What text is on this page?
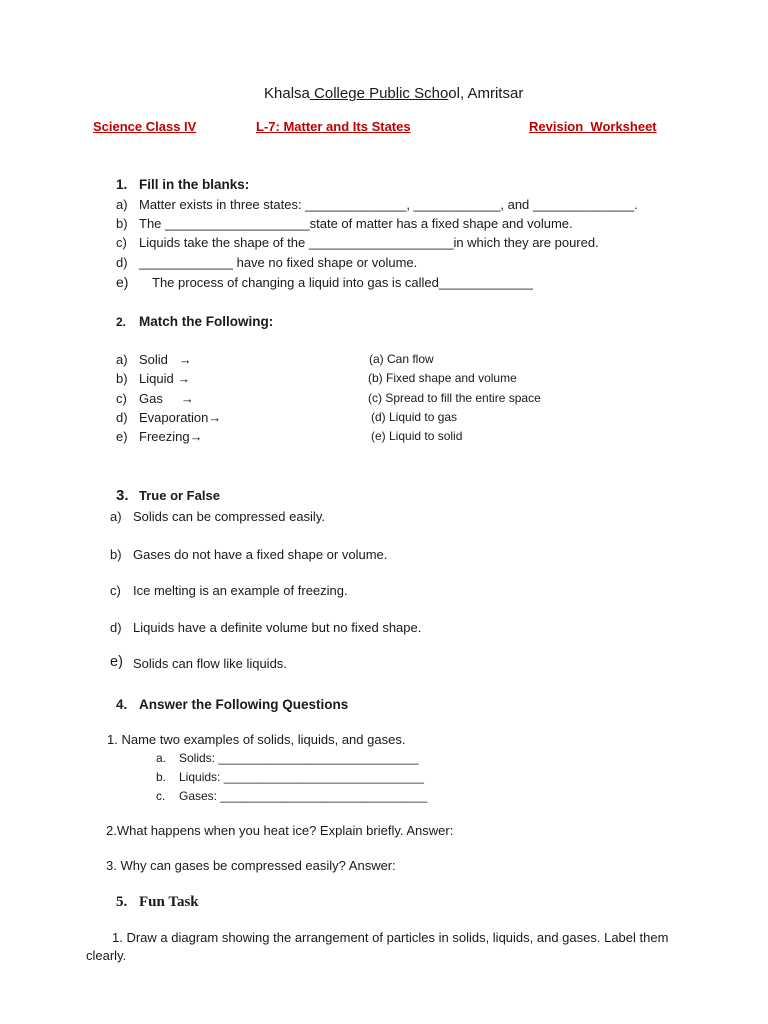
Khalsa College Public School, Amritsar
Science Class IV	L-7: Matter and Its States	Revision  Worksheet
1. Fill in the blanks:
a) Matter exists in three states: ______________, ____________, and ______________.
b) The ____________________state of matter has a fixed shape and volume.
c) Liquids take the shape of the ____________________in which they are poured.
d) _____________ have no fixed shape or volume.
e) The process of changing a liquid into gas is called_____________
2. Match the Following:
a) Solid   →	(a) Can flow
b) Liquid →	(b) Fixed shape and volume
c) Gas     →	(c) Spread to fill the entire space
d) Evaporation→	(d) Liquid to gas
e) Freezing→	(e) Liquid to solid
3. True or False
a) Solids can be compressed easily.
b) Gases do not have a fixed shape or volume.
c) Ice melting is an example of freezing.
d) Liquids have a definite volume but no fixed shape.
e) Solids can flow like liquids.
4. Answer the Following Questions
1. Name two examples of solids, liquids, and gases.
a. Solids: ______________________________
b. Liquids: ______________________________
c. Gases: _______________________________
2.What happens when you heat ice? Explain briefly. Answer:
3. Why can gases be compressed easily? Answer:
5. Fun Task
1. Draw a diagram showing the arrangement of particles in solids, liquids, and gases. Label them clearly.
